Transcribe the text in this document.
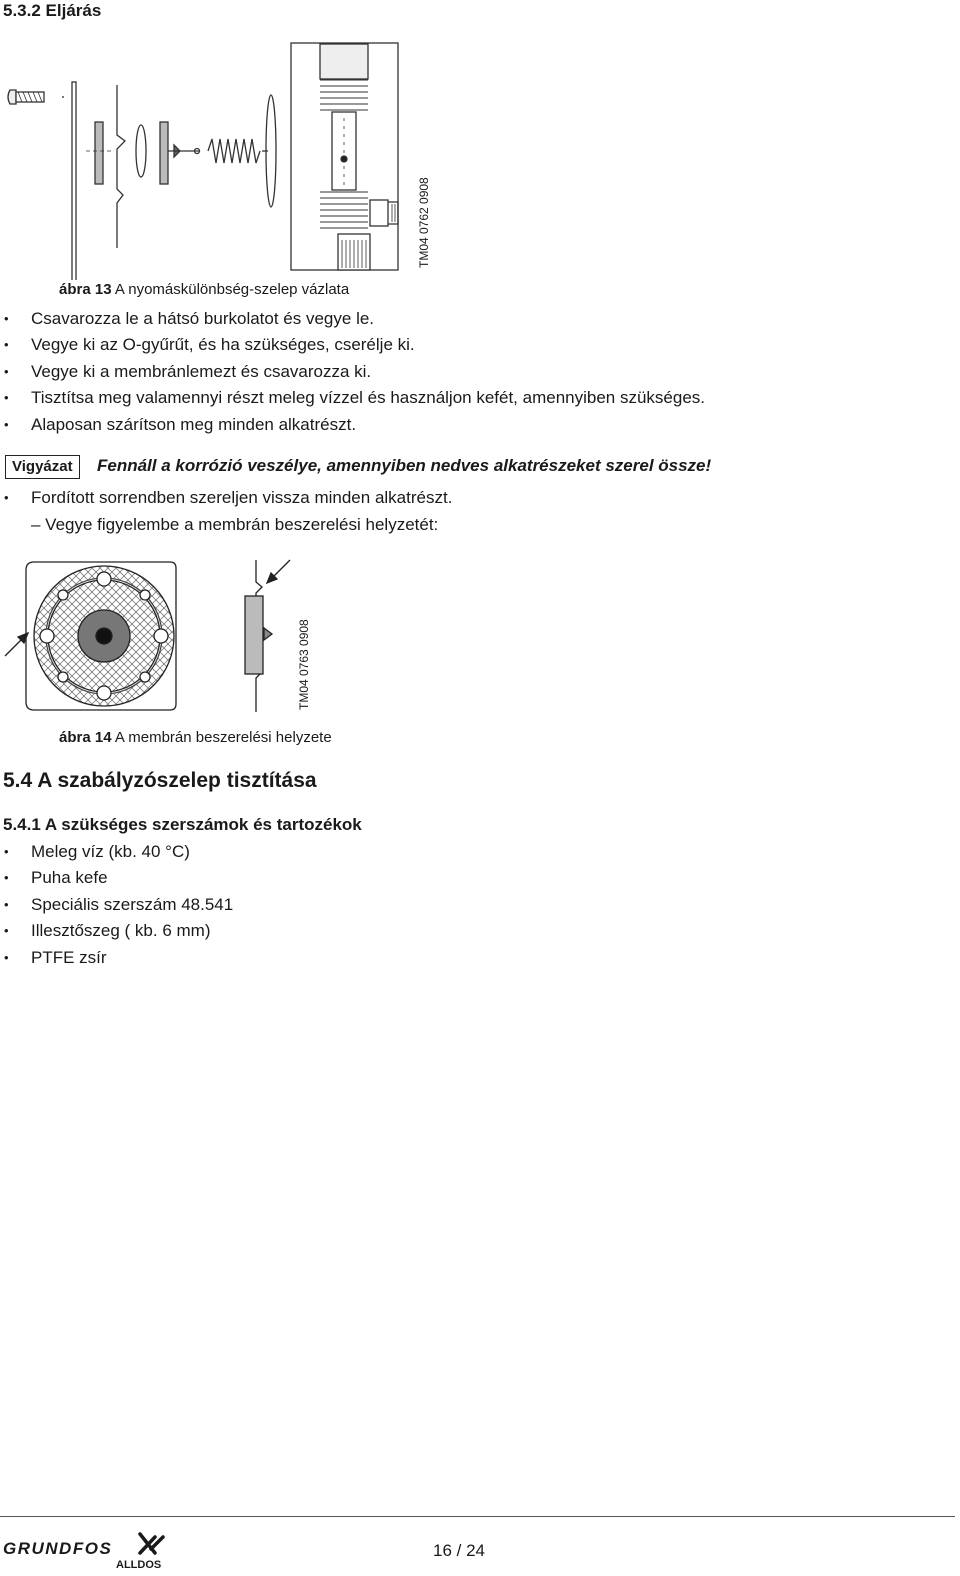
5.3.2 Eljárás
TM04 0762 0908
ábra 13 A nyomáskülönbség-szelep vázlata
• Csavarozza le a hátsó burkolatot és vegye le.
• Vegye ki az O-gyűrűt, és ha szükséges, cserélje ki.
• Vegye ki a membránlemezt és csavarozza ki.
• Tisztítsa meg valamennyi részt meleg vízzel és használjon kefét, amennyiben szükséges.
• Alaposan szárítson meg minden alkatrészt.
Vigyázat	Fennáll a korrózió veszélye, amennyiben nedves alkatrészeket szerel össze!
• Fordított sorrendben szereljen vissza minden alkatrészt.
– Vegye figyelembe a membrán beszerelési helyzetét:
TM04 0763 0908
ábra 14 A membrán beszerelési helyzete
5.4 A szabályzószelep tisztítása
5.4.1 A szükséges szerszámok és tartozékok
• Meleg víz (kb. 40 °C)
• Puha kefe
• Speciális szerszám 48.541
• Illesztőszeg ( kb. 6 mm)
• PTFE zsír
GRUNDFOS
ALLDOS
16 / 24
